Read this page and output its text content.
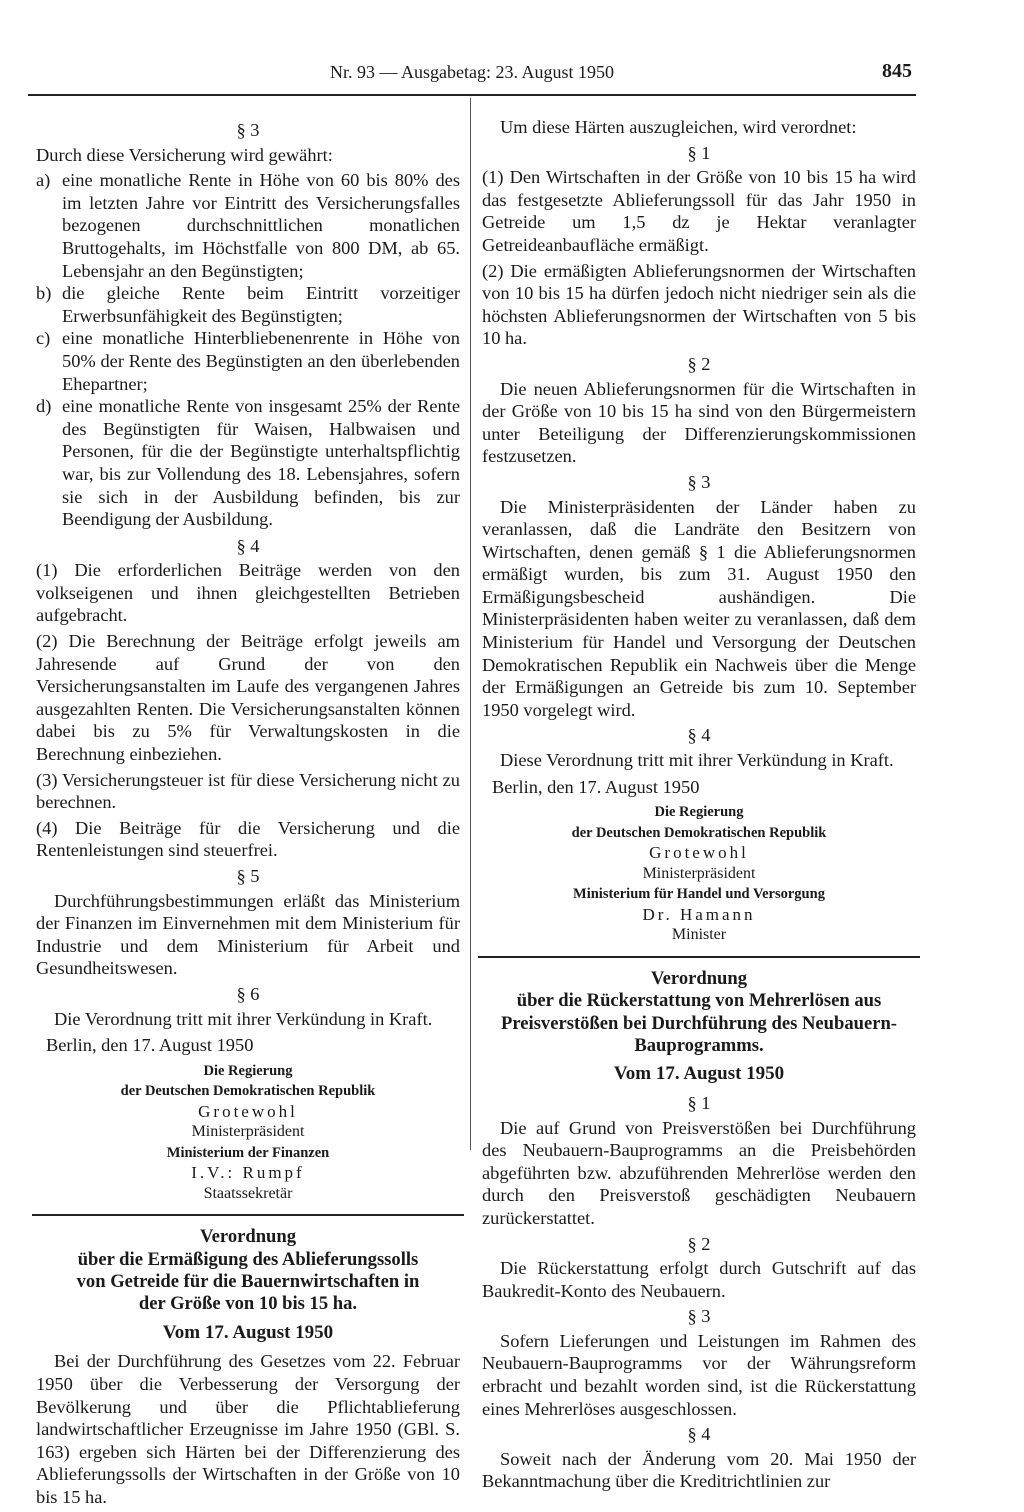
Nr. 93 — Ausgabetag: 23. August 1950	845
§ 3

Durch diese Versicherung wird gewährt:

a) eine monatliche Rente in Höhe von 60 bis 80% des im letzten Jahre vor Eintritt des Versicherungsfalles bezogenen durchschnittlichen monatlichen Bruttogehalts, im Höchstfalle von 800 DM, ab 65. Lebensjahr an den Begünstigten;
b) die gleiche Rente beim Eintritt vorzeitiger Erwerbsunfähigkeit des Begünstigten;
c) eine monatliche Hinterbliebenenrente in Höhe von 50% der Rente des Begünstigten an den überlebenden Ehepartner;
d) eine monatliche Rente von insgesamt 25% der Rente des Begünstigten für Waisen, Halbwaisen und Personen, für die der Begünstigte unterhaltspflichtig war, bis zur Vollendung des 18. Lebensjahres, sofern sie sich in der Ausbildung befinden, bis zur Beendigung der Ausbildung.
§ 4

(1) Die erforderlichen Beiträge werden von den volkseigenen und ihnen gleichgestellten Betrieben aufgebracht.

(2) Die Berechnung der Beiträge erfolgt jeweils am Jahresende auf Grund der von den Versicherungsanstalten im Laufe des vergangenen Jahres ausgezahlten Renten. Die Versicherungsanstalten können dabei bis zu 5% für Verwaltungskosten in die Berechnung einbeziehen.

(3) Versicherungsteuer ist für diese Versicherung nicht zu berechnen.

(4) Die Beiträge für die Versicherung und die Rentenleistungen sind steuerfrei.

§ 5

Durchführungsbestimmungen erläßt das Ministerium der Finanzen im Einvernehmen mit dem Ministerium für Industrie und dem Ministerium für Arbeit und Gesundheitswesen.

§ 6

Die Verordnung tritt mit ihrer Verkündung in Kraft.

Berlin, den 17. August 1950
Die Regierung
der Deutschen Demokratischen Republik
Grotewohl
Ministerpräsident
Ministerium der Finanzen
I.V.: Rumpf
Staatssekretär
Verordnung
über die Ermäßigung des Ablieferungssolls
von Getreide für die Bauernwirtschaften in
der Größe von 10 bis 15 ha.
Vom 17. August 1950

Bei der Durchführung des Gesetzes vom 22. Februar 1950 über die Verbesserung der Versorgung der Bevölkerung und über die Pflichtablieferung landwirtschaftlicher Erzeugnisse im Jahre 1950 (GBl. S. 163) ergeben sich Härten bei der Differenzierung des Ablieferungssolls der Wirtschaften in der Größe von 10 bis 15 ha.

Um diese Härten auszugleichen, wird verordnet:

§ 1

(1) Den Wirtschaften in der Größe von 10 bis 15 ha wird das festgesetzte Ablieferungssoll für das Jahr 1950 in Getreide um 1,5 dz je Hektar veranlagter Getreideanbaufläche ermäßigt.

(2) Die ermäßigten Ablieferungsnormen der Wirtschaften von 10 bis 15 ha dürfen jedoch nicht niedriger sein als die höchsten Ablieferungsnormen der Wirtschaften von 5 bis 10 ha.

§ 2

Die neuen Ablieferungsnormen für die Wirtschaften in der Größe von 10 bis 15 ha sind von den Bürgermeistern unter Beteiligung der Differenzierungskommissionen festzusetzen.

§ 3

Die Ministerpräsidenten der Länder haben zu veranlassen, daß die Landräte den Besitzern von Wirtschaften, denen gemäß § 1 die Ablieferungsnormen ermäßigt wurden, bis zum 31. August 1950 den Ermäßigungsbescheid aushändigen. Die Ministerpräsidenten haben weiter zu veranlassen, daß dem Ministerium für Handel und Versorgung der Deutschen Demokratischen Republik ein Nachweis über die Menge der Ermäßigungen an Getreide bis zum 10. September 1950 vorgelegt wird.

§ 4

Diese Verordnung tritt mit ihrer Verkündung in Kraft.

Berlin, den 17. August 1950
Die Regierung
der Deutschen Demokratischen Republik
Grotewohl
Ministerpräsident
Ministerium für Handel und Versorgung
Dr. Hamann
Minister
Verordnung
über die Rückerstattung von Mehrerlösen aus
Preisverstößen bei Durchführung des Neubauern-
Bauprogramms.
Vom 17. August 1950
§ 1

Die auf Grund von Preisverstößen bei Durchführung des Neubauern-Bauprogramms an die Preisbehörden abgeführten bzw. abzuführenden Mehrerlöse werden den durch den Preisverstoß geschädigten Neubauern zurückerstattet.

§ 2

Die Rückerstattung erfolgt durch Gutschrift auf das Baukredit-Konto des Neubauern.

§ 3

Sofern Lieferungen und Leistungen im Rahmen des Neubauern-Bauprogramms vor der Währungsreform erbracht und bezahlt worden sind, ist die Rückerstattung eines Mehrerlöses ausgeschlossen.

§ 4

Soweit nach der Änderung vom 20. Mai 1950 der Bekanntmachung über die Kreditrichtlinien zur
